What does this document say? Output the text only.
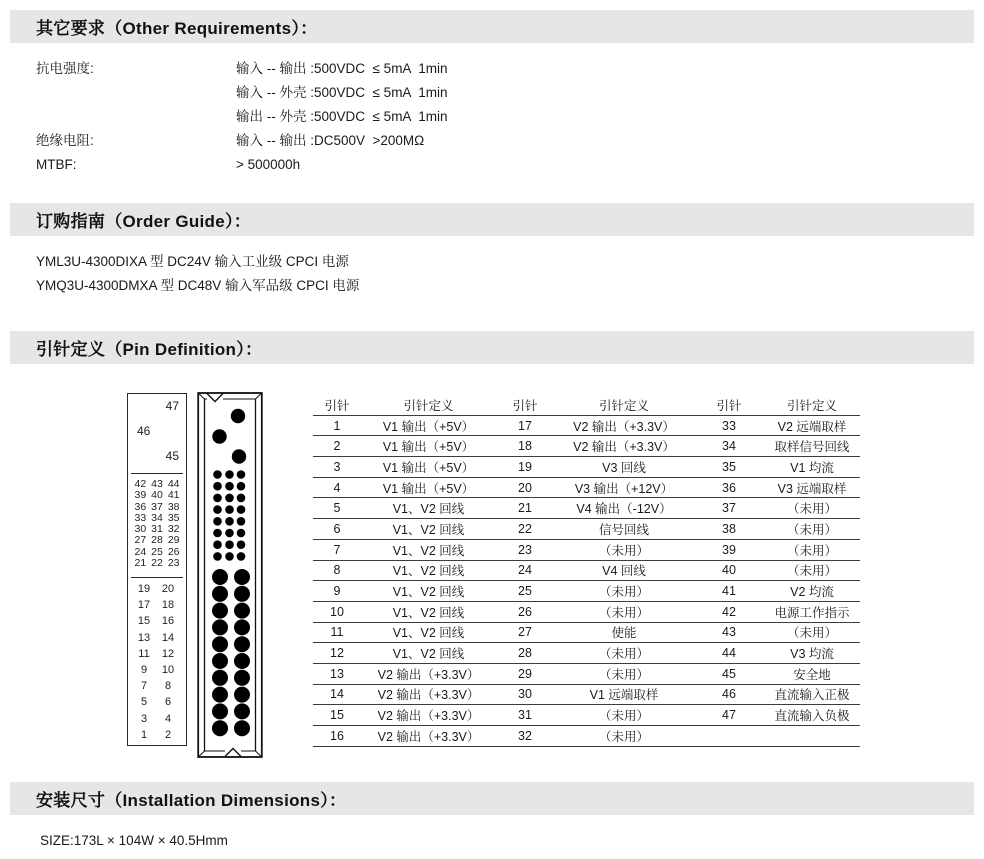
其它要求（Other Requirements）：
抗电强度:	输入 -- 输出 :500VDC  ≤ 5mA  1min
输入 -- 外壳 :500VDC  ≤ 5mA  1min
输出 -- 外壳 :500VDC  ≤ 5mA  1min
绝缘电阻:	输入 -- 输出 :DC500V  >200MΩ
MTBF:	> 500000h
订购指南（Order Guide）：
YML3U-4300DIXA 型 DC24V 输入工业级 CPCI 电源
YMQ3U-4300DMXA 型 DC48V 输入军品级 CPCI 电源
引针定义（Pin Definition）：
47
46
45
42 43 44
39 40 41
36 37 38
33 34 35
30 31 32
27 28 29
24 25 26
21 22 23
19	20
17	18
15	16
13	14
11	12
9	10
7	8
5	6
3	4
1	2
引针	引针定义	引针	引针定义	引针	引针定义
1	V1 输出（+5V）	17	V2 输出（+3.3V）	33	V2 远端取样
2	V1 输出（+5V）	18	V2 输出（+3.3V）	34	取样信号回线
3	V1 输出（+5V）	19	V3 回线	35	V1 均流
4	V1 输出（+5V）	20	V3 输出（+12V）	36	V3 远端取样
5	V1、V2 回线	21	V4 输出（-12V）	37	（未用）
6	V1、V2 回线	22	信号回线	38	（未用）
7	V1、V2 回线	23	（未用）	39	（未用）
8	V1、V2 回线	24	V4 回线	40	（未用）
9	V1、V2 回线	25	（未用）	41	V2 均流
10	V1、V2 回线	26	（未用）	42	电源工作指示
11	V1、V2 回线	27	使能	43	（未用）
12	V1、V2 回线	28	（未用）	44	V3 均流
13	V2 输出（+3.3V）	29	（未用）	45	安全地
14	V2 输出（+3.3V）	30	V1 远端取样	46	直流输入正极
15	V2 输出（+3.3V）	31	（未用）	47	直流输入负极
16	V2 输出（+3.3V）	32	（未用）		
安装尺寸（Installation Dimensions）：
SIZE:173L × 104W × 40.5Hmm
